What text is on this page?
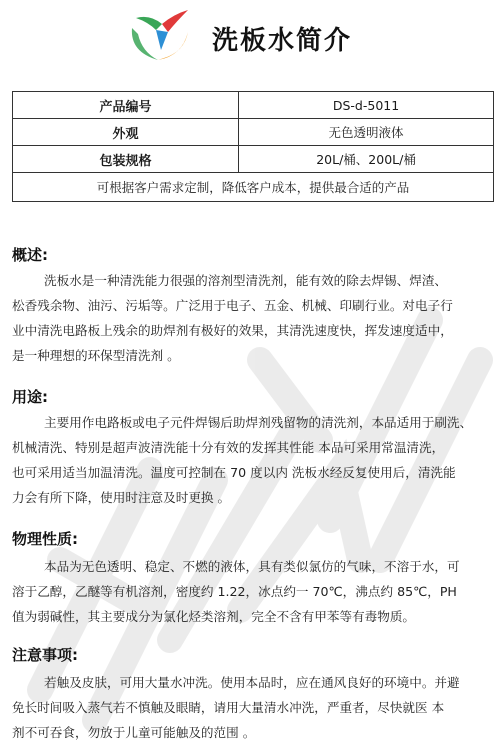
洗板水简介
产品编号	DS-d-5011
外观	无色透明液体
包装规格	20L/桶、200L/桶
可根据客户需求定制，降低客户成本，提供最合适的产品	
概述:
洗板水是一种清洗能力很强的溶剂型清洗剂，能有效的除去焊锡、焊渣、
松香残余物、油污、污垢等。广泛用于电子、五金、机械、印刷行业。对电子行
业中清洗电路板上残余的助焊剂有极好的效果，其清洗速度快，挥发速度适中，
是一种理想的环保型清洗剂 。
用途:
主要用作电路板或电子元件焊锡后助焊剂残留物的清洗剂，本品适用于刷洗、
机械清洗、特别是超声波清洗能十分有效的发挥其性能 本品可采用常温清洗，
也可采用适当加温清洗。温度可控制在 70 度以内 洗板水经反复使用后，清洗能
力会有所下降，使用时注意及时更换 。
物理性质:
本品为无色透明、稳定、不燃的液体，具有类似氯仿的气味，不溶于水，可
溶于乙醇，乙醚等有机溶剂，密度约 1.22，冰点约一 70℃，沸点约 85℃，PH
值为弱碱性，其主要成分为氯化烃类溶剂，完全不含有甲苯等有毒物质。
注意事项:
若触及皮肤，可用大量水冲洗。使用本品时，应在通风良好的环境中。并避
免长时间吸入蒸气若不慎触及眼睛，请用大量清水冲洗，严重者，尽快就医 本
剂不可吞食，勿放于儿童可能触及的范围 。
